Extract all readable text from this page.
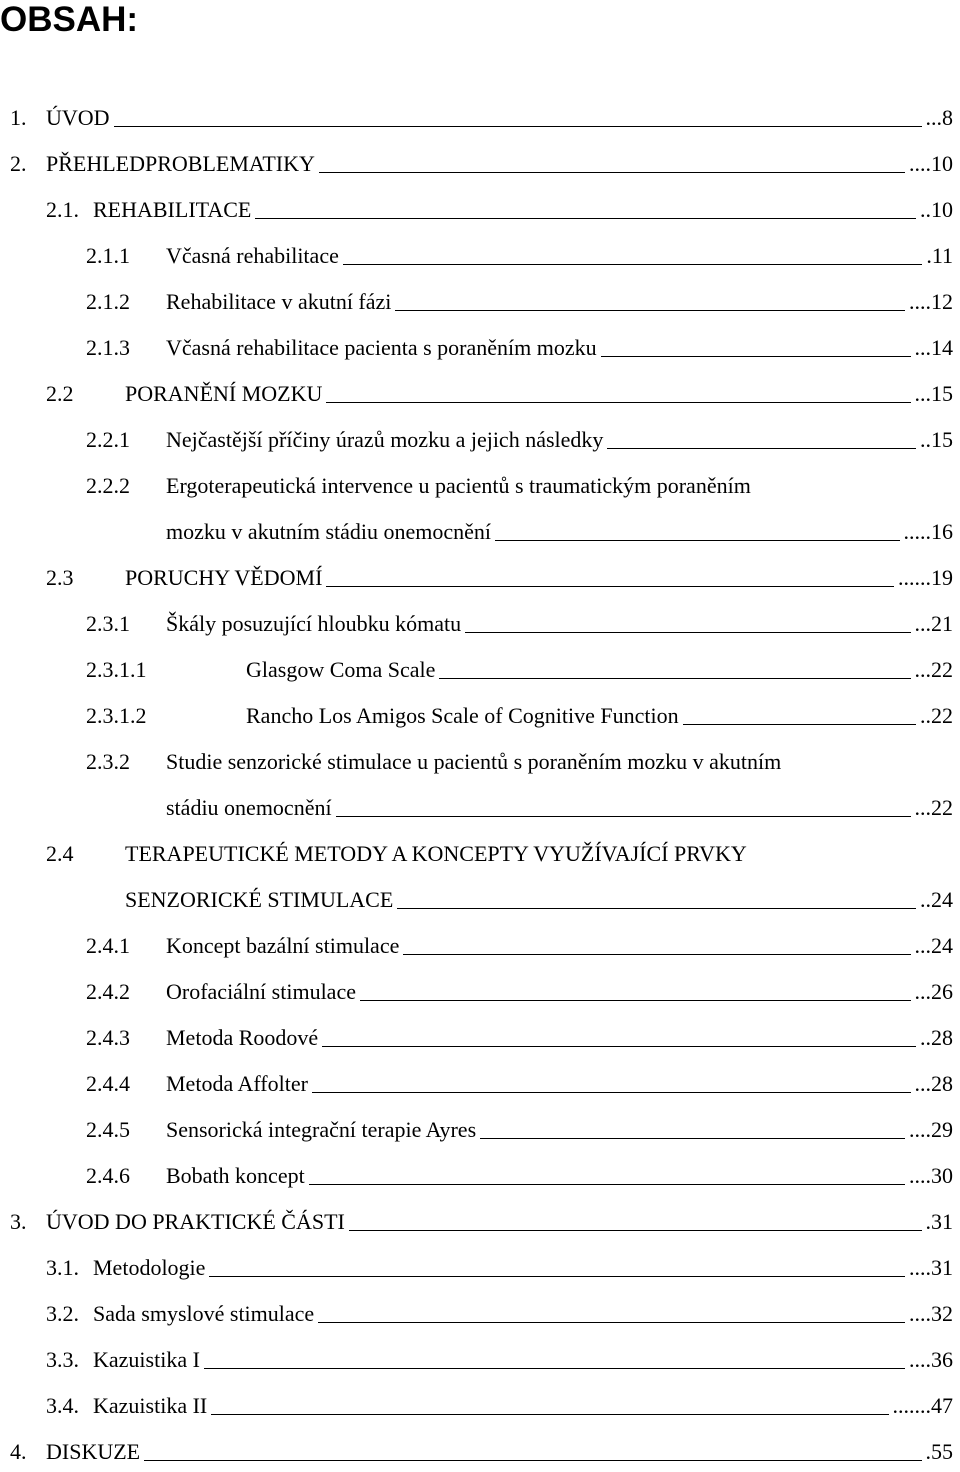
OBSAH:
1. ÚVOD	...8
2. PŘEHLEDPROBLEMATIKY	....10
2.1. REHABILITACE	..10
2.1.1 Včasná rehabilitace	.11
2.1.2 Rehabilitace v akutní fázi	....12
2.1.3 Včasná rehabilitace pacienta s poraněním mozku	...14
2.2 PORANĚNÍ MOZKU	...15
2.2.1 Nejčastější příčiny úrazů mozku a jejich následky	..15
2.2.2 Ergoterapeutická intervence u pacientů s traumatickým poraněním
mozku v akutním stádiu onemocnění	.....16
2.3 PORUCHY VĚDOMÍ	......19
2.3.1 Škály posuzující hloubku kómatu	...21
2.3.1.1	Glasgow Coma Scale	...22
2.3.1.2	Rancho Los Amigos Scale of Cognitive Function	..22
2.3.2 Studie senzorické stimulace u pacientů s poraněním mozku v akutním
stádiu onemocnění	...22
2.4 TERAPEUTICKÉ METODY A KONCEPTY VYUŽÍVAJÍCÍ PRVKY
SENZORICKÉ STIMULACE	..24
2.4.1 Koncept bazální stimulace	...24
2.4.2 Orofaciální stimulace	...26
2.4.3 Metoda Roodové	..28
2.4.4 Metoda Affolter	...28
2.4.5 Sensorická integrační terapie Ayres	....29
2.4.6 Bobath koncept	....30
3. ÚVOD DO PRAKTICKÉ ČÁSTI	.31
3.1. Metodologie	....31
3.2. Sada smyslové stimulace	....32
3.3. Kazuistika I	....36
3.4. Kazuistika II	.......47
4. DISKUZE	.55
